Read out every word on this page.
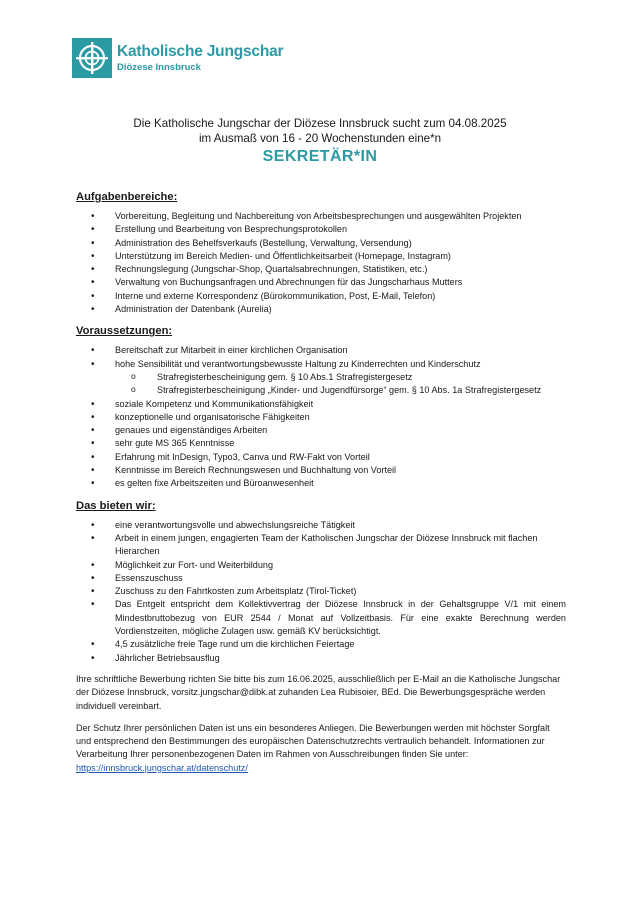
Katholische Jungschar
Diözese Innsbruck
Die Katholische Jungschar der Diözese Innsbruck sucht zum 04.08.2025
im Ausmaß von 16 - 20 Wochenstunden eine*n
SEKRETÄR*IN
Aufgabenbereiche:
• Vorbereitung, Begleitung und Nachbereitung von Arbeitsbesprechungen und ausgewählten Projekten
• Erstellung und Bearbeitung von Besprechungsprotokollen
• Administration des Behelfsverkaufs (Bestellung, Verwaltung, Versendung)
• Unterstützung im Bereich Medien- und Öffentlichkeitsarbeit (Homepage, Instagram)
• Rechnungslegung (Jungschar-Shop, Quartalsabrechnungen, Statistiken, etc.)
• Verwaltung von Buchungsanfragen und Abrechnungen für das Jungscharhaus Mutters
• Interne und externe Korrespondenz (Bürokommunikation, Post, E-Mail, Telefon)
• Administration der Datenbank (Aurelia)
Voraussetzungen:
• Bereitschaft zur Mitarbeit in einer kirchlichen Organisation
• hohe Sensibilität und verantwortungsbewusste Haltung zu Kinderrechten und Kinderschutz
o Strafregisterbescheinigung gem. § 10 Abs.1 Strafregistergesetz
o Strafregisterbescheinigung „Kinder- und Jugendfürsorge“ gem. § 10 Abs. 1a Strafregistergesetz
• soziale Kompetenz und Kommunikationsfähigkeit
• konzeptionelle und organisatorische Fähigkeiten
• genaues und eigenständiges Arbeiten
• sehr gute MS 365 Kenntnisse
• Erfahrung mit InDesign, Typo3, Canva und RW-Fakt von Vorteil
• Kenntnisse im Bereich Rechnungswesen und Buchhaltung von Vorteil
• es gelten fixe Arbeitszeiten und Büroanwesenheit
Das bieten wir:
• eine verantwortungsvolle und abwechslungsreiche Tätigkeit
• Arbeit in einem jungen, engagierten Team der Katholischen Jungschar der Diözese Innsbruck mit flachen Hierarchen
• Möglichkeit zur Fort- und Weiterbildung
• Essenszuschuss
• Zuschuss zu den Fahrtkosten zum Arbeitsplatz (Tirol-Ticket)
• Das Entgelt entspricht dem Kollektivvertrag der Diözese Innsbruck in der Gehaltsgruppe V/1 mit einem Mindestbruttobezug von EUR 2544 / Monat auf Vollzeitbasis. Für eine exakte Berechnung werden Vordienstzeiten, mögliche Zulagen usw. gemäß KV berücksichtigt.
• 4,5 zusätzliche freie Tage rund um die kirchlichen Feiertage
• Jährlicher Betriebsausflug

Ihre schriftliche Bewerbung richten Sie bitte bis zum 16.06.2025, ausschließlich per E-Mail an die Katholische Jungschar der Diözese Innsbruck, vorsitz.jungschar@dibk.at zuhanden Lea Rubisoier, BEd. Die Bewerbungsgespräche werden individuell vereinbart.

Der Schutz Ihrer persönlichen Daten ist uns ein besonderes Anliegen. Die Bewerbungen werden mit höchster Sorgfalt und entsprechend den Bestimmungen des europäischen Datenschutzrechts vertraulich behandelt. Informationen zur Verarbeitung Ihrer personenbezogenen Daten im Rahmen von Ausschreibungen finden Sie unter:
https://innsbruck.jungschar.at/datenschutz/
